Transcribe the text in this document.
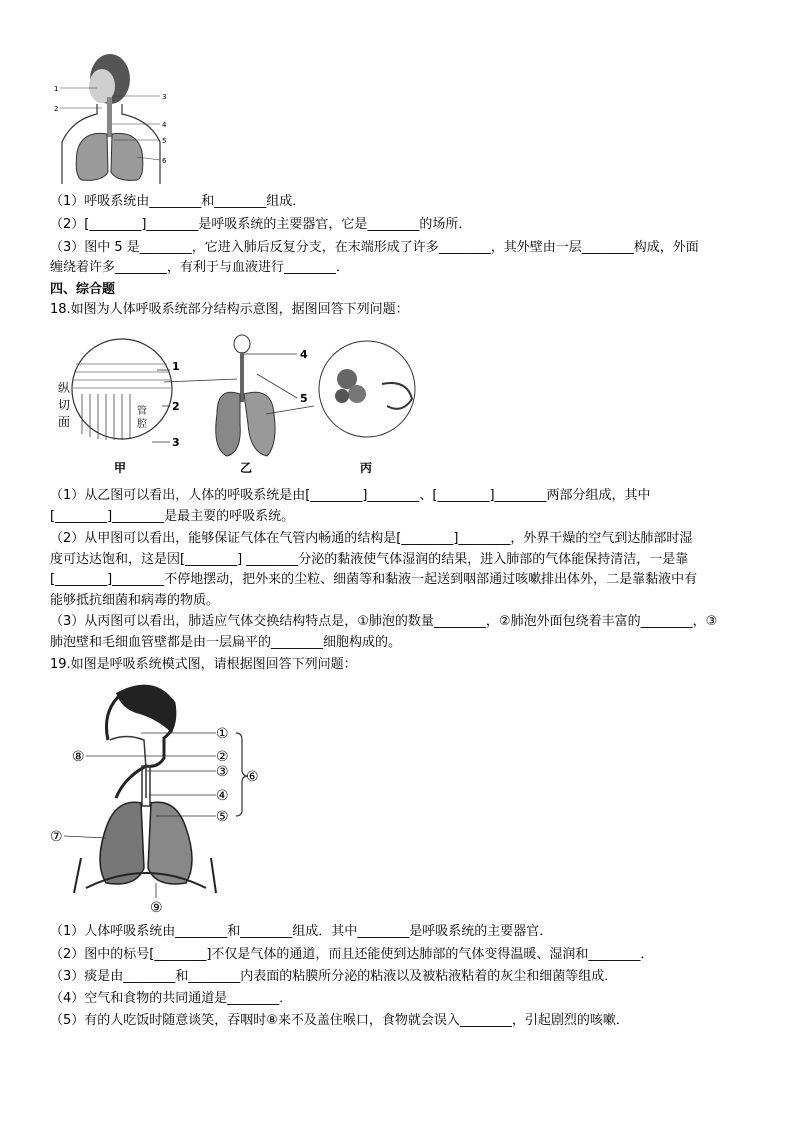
1
2
3
4
5
6
（1）呼吸系统由________和________组成．
（2）[________]________是呼吸系统的主要器官，它是________的场所．
（3）图中 5 是________，它进入肺后反复分支，在末端形成了许多________，其外壁由一层________构成，外面
缠绕着许多________，有利于与血液进行________．
四、综合题
18.如图为人体呼吸系统部分结构示意图，据图回答下列问题：
纵
切
面
管
腔
1
2
3
甲
4
5
乙	丙
（1）从乙图可以看出，人体的呼吸系统是由[________]________、[________]________两部分组成，其中
[________]________是最主要的呼吸系统。
（2）从甲图可以看出，能够保证气体在气管内畅通的结构是[________]________，外界干燥的空气到达肺部时湿
度可达达饱和，这是因[________] ________分泌的黏液使气体湿润的结果，进入肺部的气体能保持清洁，一是靠
[________]________不停地摆动，把外来的尘粒、细菌等和黏液一起送到咽部通过咳嗽排出体外，二是靠黏液中有
能够抵抗细菌和病毒的物质。
（3）从丙图可以看出，肺适应气体交换结构特点是，①肺泡的数量________，②肺泡外面包绕着丰富的________，③
肺泡壁和毛细血管壁都是由一层扁平的________细胞构成的。
19.如图是呼吸系统模式图，请根据图回答下列问题：
①
②
③
④
⑤
⑥
⑦
⑧
⑨
（1）人体呼吸系统由________和________组成．其中________是呼吸系统的主要器官．
（2）图中的标号[________]不仅是气体的通道，而且还能使到达肺部的气体变得温暖、湿润和________．
（3）痰是由________和________内表面的粘膜所分泌的粘液以及被粘液粘着的灰尘和细菌等组成．
（4）空气和食物的共同通道是________．
（5）有的人吃饭时随意谈笑，吞咽时⑧来不及盖住喉口，食物就会误入________，引起剧烈的咳嗽．
